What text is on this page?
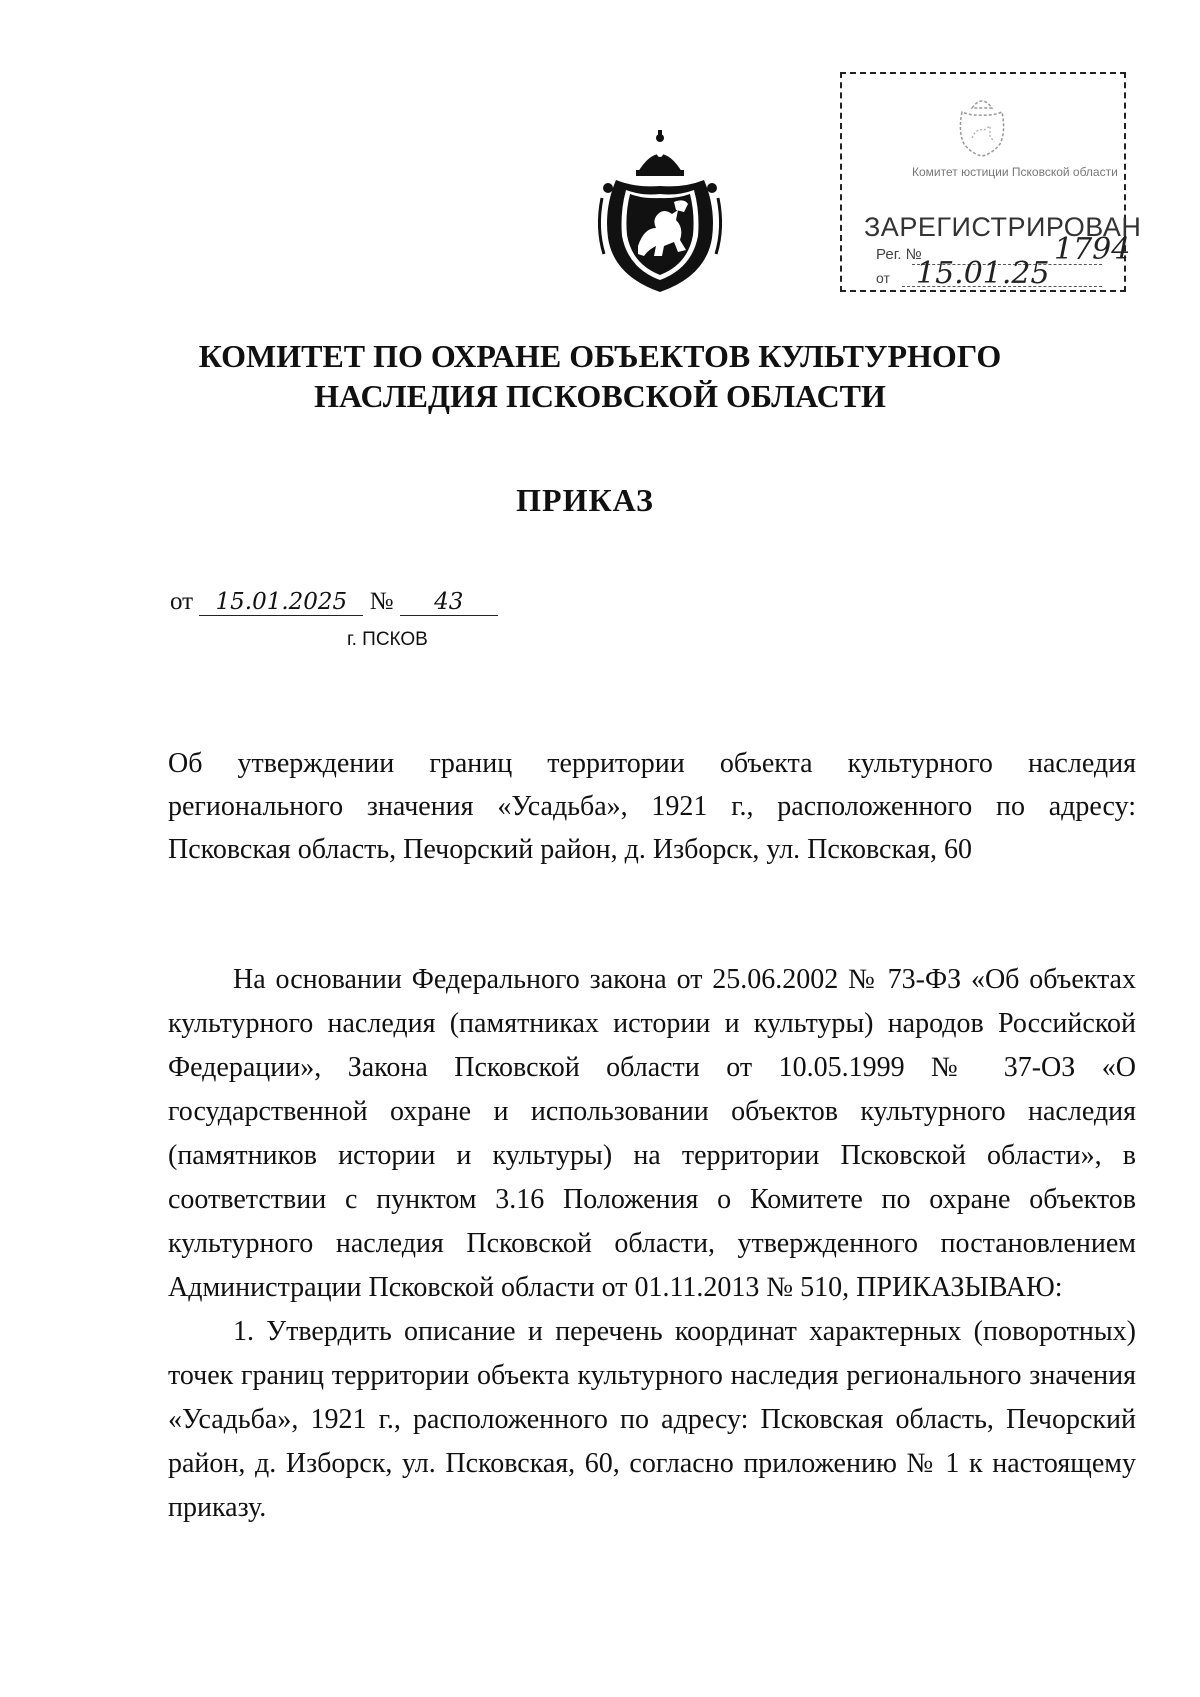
Комитет юстиции Псковской области
ЗАРЕГИСТРИРОВАН
Рег. №	1794
от 15.01.25
КОМИТЕТ ПО ОХРАНЕ ОБЪЕКТОВ КУЛЬТУРНОГО
НАСЛЕДИЯ ПСКОВСКОЙ ОБЛАСТИ
ПРИКАЗ
от 15.01.2025 № 43
г. ПСКОВ
Об утверждении границ территории объекта культурного наследия регионального значения «Усадьба», 1921 г., расположенного по адресу: Псковская область, Печорский район, д. Изборск, ул. Псковская, 60

На основании Федерального закона от 25.06.2002 № 73-ФЗ «Об объектах культурного наследия (памятниках истории и культуры) народов Российской Федерации», Закона Псковской области от 10.05.1999 № 37-ОЗ «О государственной охране и использовании объектов культурного наследия (памятников истории и культуры) на территории Псковской области», в соответствии с пунктом 3.16 Положения о Комитете по охране объектов культурного наследия Псковской области, утвержденного постановлением Администрации Псковской области от 01.11.2013 № 510, ПРИКАЗЫВАЮ:

1. Утвердить описание и перечень координат характерных (поворотных) точек границ территории объекта культурного наследия регионального значения «Усадьба», 1921 г., расположенного по адресу: Псковская область, Печорский район, д. Изборск, ул. Псковская, 60, согласно приложению № 1 к настоящему приказу.
